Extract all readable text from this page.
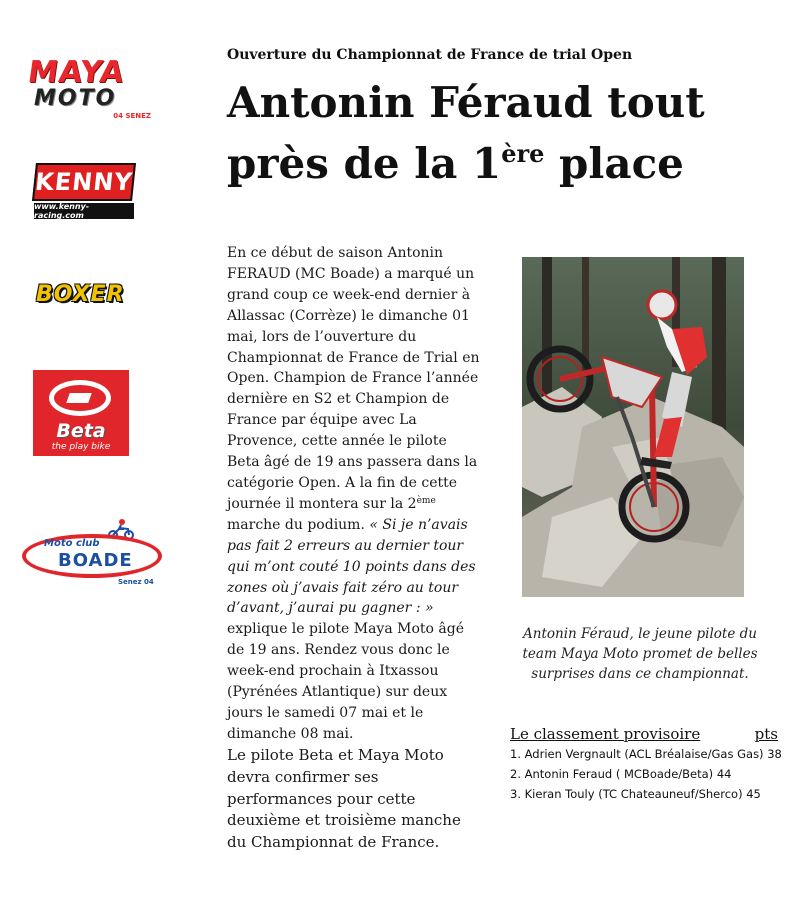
MAYA
MOTO
04 SENEZ
KENNY
www.kenny-racing.com
BOXER
Beta
the play bike
Moto club
BOADE
Senez 04
Ouverture du Championnat de France de trial Open
Antonin Féraud tout près de la 1ère place
En ce début de saison Antonin FERAUD (MC Boade) a marqué un grand coup ce week-end dernier à Allassac (Corrèze) le dimanche 01 mai, lors de l’ouverture du Championnat de France de Trial en Open. Champion de France l’année dernière en S2 et Champion de France par équipe avec La Provence, cette année le pilote Beta âgé de 19 ans passera dans la catégorie Open. A la fin de cette journée il montera sur la 2ème marche du podium. « Si je n’avais pas fait 2 erreurs au dernier tour qui m’ont couté 10 points dans des zones où j’avais fait zéro au tour d’avant, j’aurai pu gagner : » explique le pilote Maya Moto âgé de 19 ans. Rendez vous donc le week-end prochain à Itxassou (Pyrénées Atlantique) sur deux jours le samedi 07 mai et le dimanche 08 mai.
Le pilote Beta et Maya Moto devra confirmer ses performances pour cette deuxième et troisième manche du Championnat de France.

Antonin Féraud, le jeune pilote du team Maya Moto promet de belles surprises dans ce championnat.

Le classement provisoire	pts
1. Adrien Vergnault (ACL Bréalaise/Gas Gas) 38
2. Antonin Feraud ( MCBoade/Beta) 44
3. Kieran Touly (TC Chateauneuf/Sherco) 45
